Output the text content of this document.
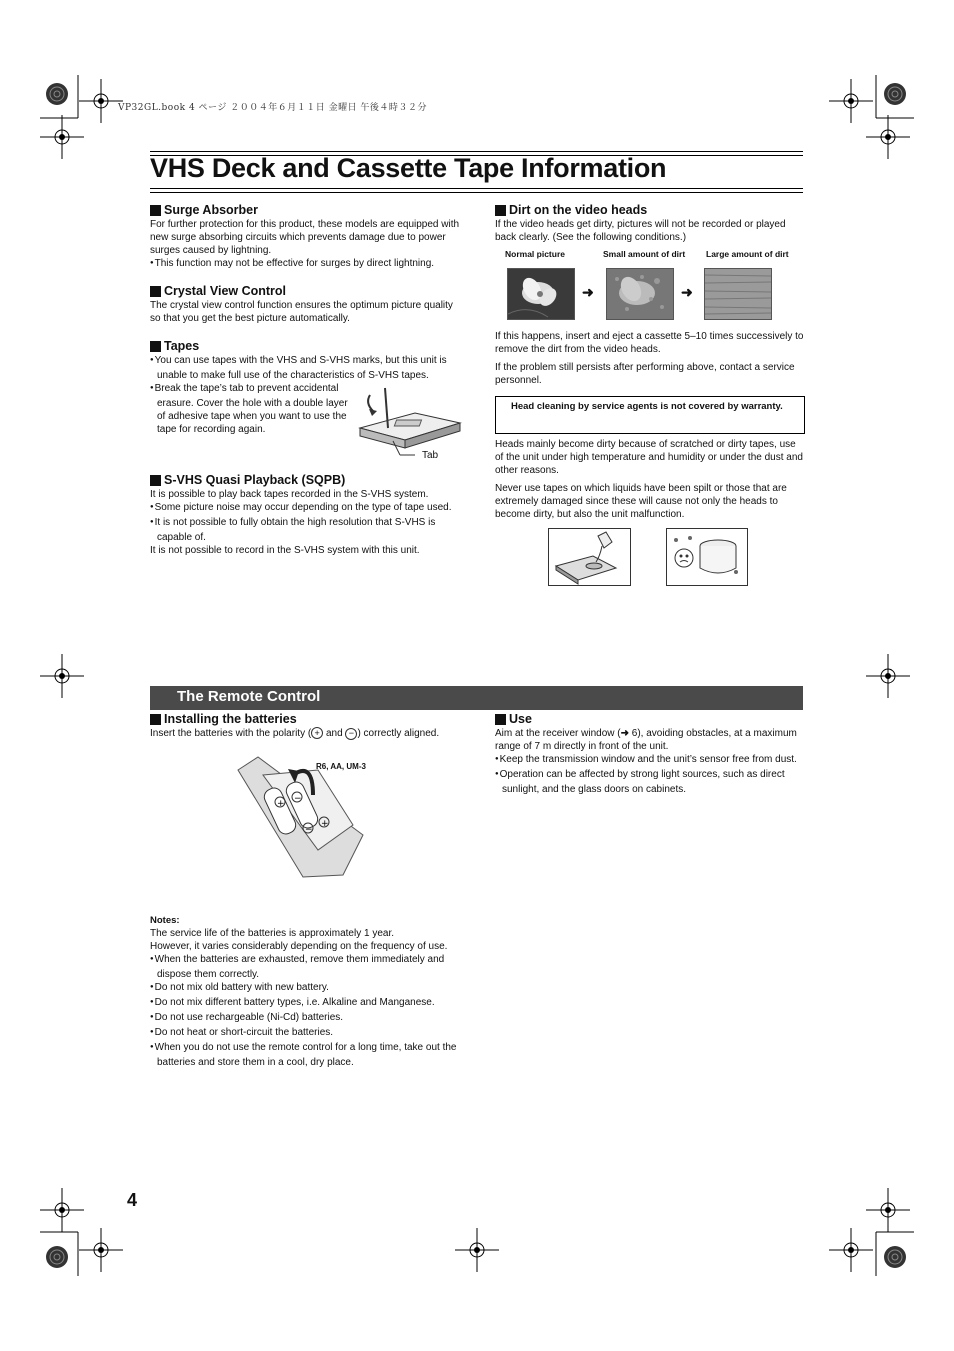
VP32GL.book 4 ページ ２００４年６月１１日 金曜日 午後４時３２分
VHS Deck and Cassette Tape Information
Surge Absorber

For further protection for this product, these models are equipped with new surge absorbing circuits which prevents damage due to power surges caused by lightning.

● This function may not be effective for surges by direct lightning.

Crystal View Control

The crystal view control function ensures the optimum picture quality so that you get the best picture automatically.

Tapes

● You can use tapes with the VHS and S-VHS marks, but this unit is unable to make full use of the characteristics of S-VHS tapes.

● Break the tape’s tab to prevent accidental erasure. Cover the hole with a double layer of adhesive tape when you want to use the tape for recording again.

Tab
S-VHS Quasi Playback (SQPB)

It is possible to play back tapes recorded in the S-VHS system.

● Some picture noise may occur depending on the type of tape used.

● It is not possible to fully obtain the high resolution that S-VHS is capable of.

It is not possible to record in the S-VHS system with this unit.

Dirt on the video heads

If the video heads get dirty, pictures will not be recorded or played back clearly. (See the following conditions.)

Normal picture	Small amount of dirt Large amount of dirt
➜	➜

If this happens, insert and eject a cassette 5–10 times successively to remove the dirt from the video heads.

If the problem still persists after performing above, contact a service personnel.

Head cleaning by service agents is not covered by warranty.

Heads mainly become dirty because of scratched or dirty tapes, use of the unit under high temperature and humidity or under the dust and other reasons.

Never use tapes on which liquids have been spilt or those that are extremely damaged since these will cause not only the heads to become dirty, but also the unit malfunction.

The Remote Control
Installing the batteries

Insert the batteries with the polarity ( + and − ) correctly aligned.

+ −
+
−
R6, AA, UM-3

Notes:

The service life of the batteries is approximately 1 year.

However, it varies considerably depending on the frequency of use.

● When the batteries are exhausted, remove them immediately and dispose them correctly.

● Do not mix old battery with new battery.

● Do not mix different battery types, i.e. Alkaline and Manganese.

● Do not use rechargeable (Ni-Cd) batteries.

● Do not heat or short-circuit the batteries.

● When you do not use the remote control for a long time, take out the batteries and store them in a cool, dry place.

Use

Aim at the receiver window (➜ 6), avoiding obstacles, at a maximum range of 7 m directly in front of the unit.

● Keep the transmission window and the unit’s sensor free from dust.

● Operation can be affected by strong light sources, such as direct sunlight, and the glass doors on cabinets.

4
